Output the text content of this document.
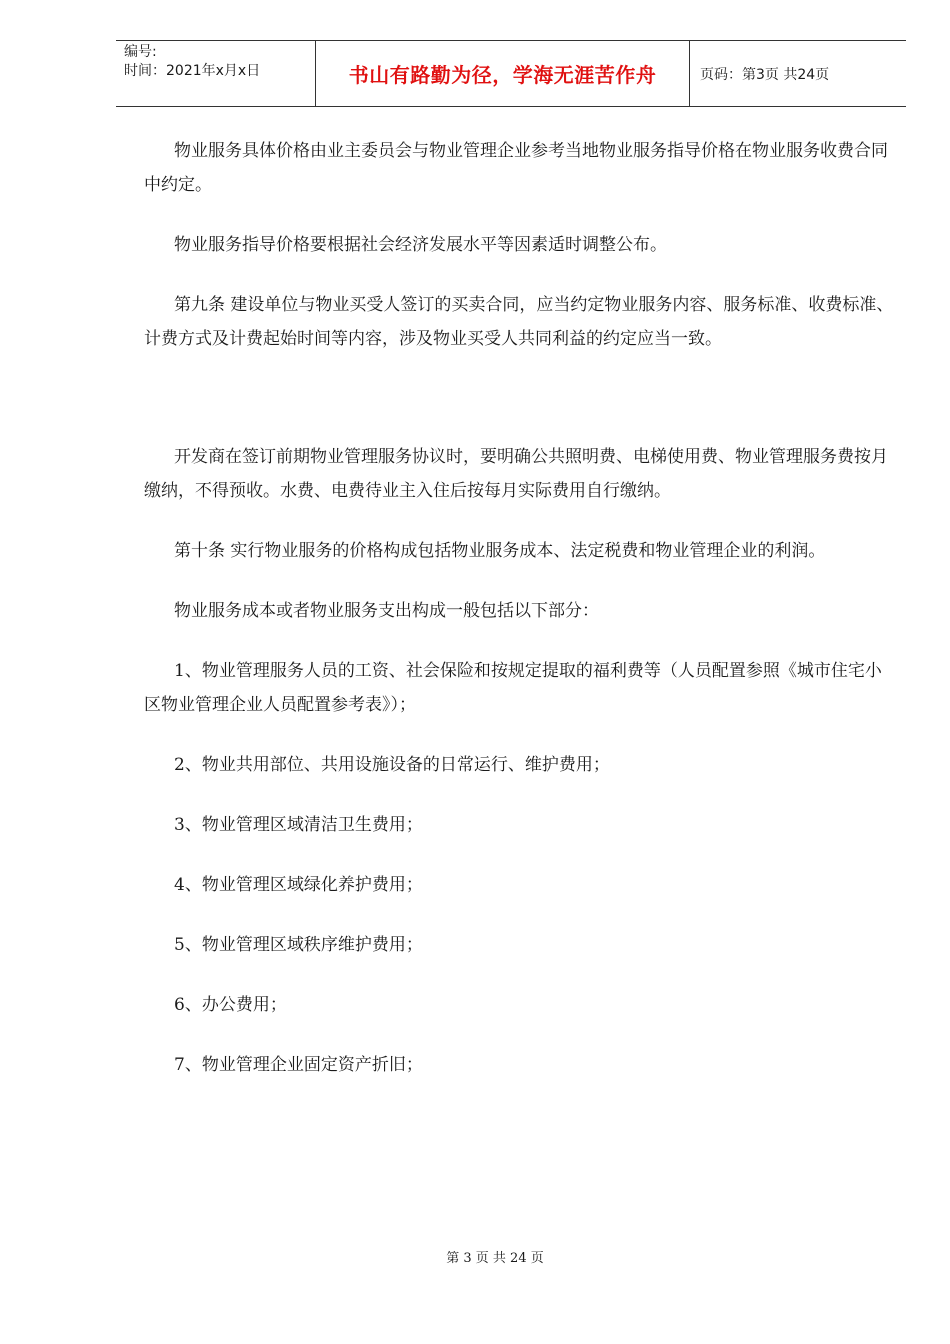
编号:
时间：2021年x月x日	书山有路勤为径，学海无涯苦作舟	页码：第3页 共24页

物业服务具体价格由业主委员会与物业管理企业参考当地物业服务指导价格在物业服务收费合同中约定。

物业服务指导价格要根据社会经济发展水平等因素适时调整公布。

第九条 建设单位与物业买受人签订的买卖合同，应当约定物业服务内容、服务标准、收费标准、计费方式及计费起始时间等内容，涉及物业买受人共同利益的约定应当一致。

开发商在签订前期物业管理服务协议时，要明确公共照明费、电梯使用费、物业管理服务费按月缴纳，不得预收。水费、电费待业主入住后按每月实际费用自行缴纳。

第十条 实行物业服务的价格构成包括物业服务成本、法定税费和物业管理企业的利润。

物业服务成本或者物业服务支出构成一般包括以下部分：

1、物业管理服务人员的工资、社会保险和按规定提取的福利费等（人员配置参照《城市住宅小区物业管理企业人员配置参考表》）；

2、物业共用部位、共用设施设备的日常运行、维护费用；

3、物业管理区域清洁卫生费用；

4、物业管理区域绿化养护费用；

5、物业管理区域秩序维护费用；

6、办公费用；

7、物业管理企业固定资产折旧；

第 3 页 共 24 页
